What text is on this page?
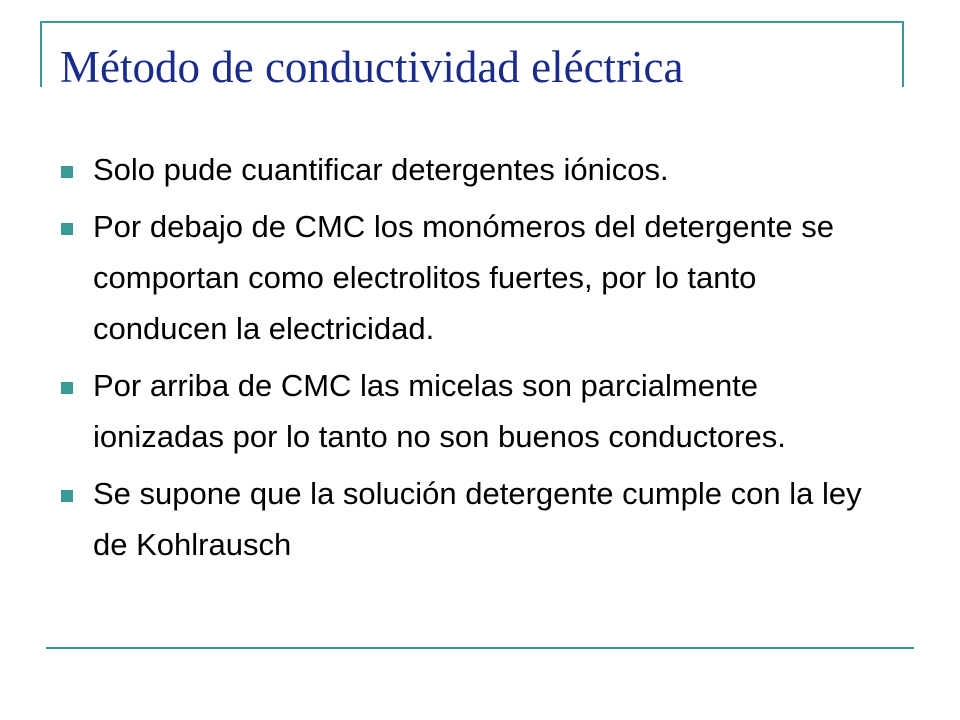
Método de conductividad eléctrica
Solo pude cuantificar detergentes iónicos.
Por debajo de CMC los monómeros del detergente se comportan como electrolitos fuertes, por lo tanto conducen la electricidad.
Por arriba de CMC las micelas son parcialmente ionizadas por lo tanto no son buenos conductores.
Se supone que la solución detergente cumple con la ley de Kohlrausch
